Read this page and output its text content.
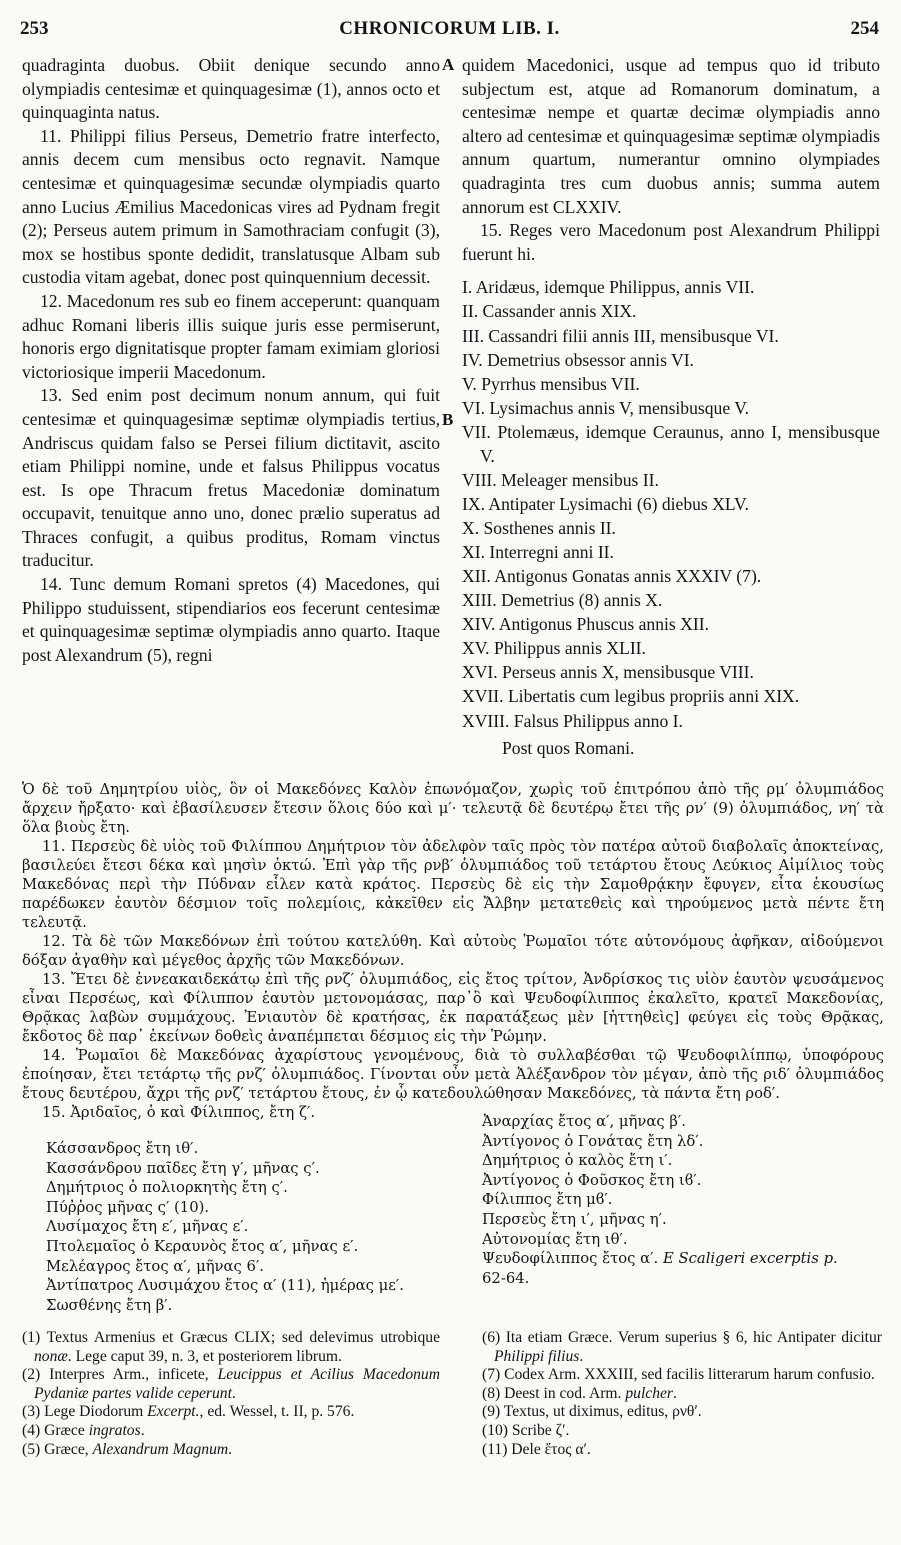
253	CHRONICORUM LIB. I.	254

quadraginta duobus. Obiit denique secundo anno olympiadis centesimæ et quinquagesimæ (1), annos octo et quinquaginta natus.

11. Philippi filius Perseus, Demetrio fratre interfecto, annis decem cum mensibus octo regnavit. Namque centesimæ et quinquagesimæ secundæ olympiadis quarto anno Lucius Æmilius Macedonicas vires ad Pydnam fregit (2); Perseus autem primum in Samothraciam confugit (3), mox se hostibus sponte dedidit, translatusque Albam sub custodia vitam agebat, donec post quinquennium decessit.

12. Macedonum res sub eo finem acceperunt: quanquam adhuc Romani liberis illis suique juris esse permiserunt, honoris ergo dignitatisque propter famam eximiam gloriosi victoriosique imperii Macedonum.

13. Sed enim post decimum nonum annum, qui fuit centesimæ et quinquagesimæ septimæ olympiadis tertius, Andriscus quidam falso se Persei filium dictitavit, ascito etiam Philippi nomine, unde et falsus Philippus vocatus est. Is ope Thracum fretus Macedoniæ dominatum occupavit, tenuitque anno uno, donec prælio superatus ad Thraces confugit, a quibus proditus, Romam vinctus traducitur.

14. Tunc demum Romani spretos (4) Macedones, qui Philippo studuissent, stipendiarios eos fecerunt centesimæ et quinquagesimæ septimæ olympiadis anno quarto. Itaque post Alexandrum (5), regni

A
B

quidem Macedonici, usque ad tempus quo id tributo subjectum est, atque ad Romanorum dominatum, a centesimæ nempe et quartæ decimæ olympiadis anno altero ad centesimæ et quinquagesimæ septimæ olympiadis annum quartum, numerantur omnino olympiades quadraginta tres cum duobus annis; summa autem annorum est CLXXIV.

15. Reges vero Macedonum post Alexandrum Philippi fuerunt hi.

I. Aridæus, idemque Philippus, annis VII.
II. Cassander annis XIX.
III. Cassandri filii annis III, mensibusque VI.
IV. Demetrius obsessor annis VI.
V. Pyrrhus mensibus VII.
VI. Lysimachus annis V, mensibusque V.
VII. Ptolemæus, idemque Ceraunus, anno I, mensibusque V.
VIII. Meleager mensibus II.
IX. Antipater Lysimachi (6) diebus XLV.
X. Sosthenes annis II.
XI. Interregni anni II.
XII. Antigonus Gonatas annis XXXIV (7).
XIII. Demetrius (8) annis X.
XIV. Antigonus Phuscus annis XII.
XV. Philippus annis XLII.
XVI. Perseus annis X, mensibusque VIII.
XVII. Libertatis cum legibus propriis anni XIX.
XVIII. Falsus Philippus anno I.
Post quos Romani.

Ὁ δὲ τοῦ Δημητρίου υἱὸς, ὃν οἱ Μακεδόνες Καλὸν ἐπωνόμαζον, χωρὶς τοῦ ἐπιτρόπου ἀπὸ τῆς ρμ′ ὀλυμπιάδος ἄρχειν ἤρξατο· καὶ ἐβασίλευσεν ἔτεσιν ὅλοις δύο καὶ μ′· τελευτᾷ δὲ δευτέρῳ ἔτει τῆς ρν′ (9) ὀλυμπιάδος, νη′ τὰ ὅλα βιοὺς ἔτη.

11. Περσεὺς δὲ υἱὸς τοῦ Φιλίππου Δημήτριον τὸν ἀδελφὸν ταῖς πρὸς τὸν πατέρα αὐτοῦ διαβολαῖς ἀποκτείνας, βασιλεύει ἔτεσι δέκα καὶ μησὶν ὀκτώ. Ἐπὶ γὰρ τῆς ρνβ′ ὀλυμπιάδος τοῦ τετάρτου ἔτους Λεύκιος Αἰμίλιος τοὺς Μακεδόνας περὶ τὴν Πύδναν εἷλεν κατὰ κράτος. Περσεὺς δὲ εἰς τὴν Σαμοθρᾴκην ἔφυγεν, εἶτα ἑκουσίως παρέδωκεν ἑαυτὸν δέσμιον τοῖς πολεμίοις, κἀκεῖθεν εἰς Ἄλβην μετατεθεὶς καὶ τηρούμενος μετὰ πέντε ἔτη τελευτᾷ.

12. Τὰ δὲ τῶν Μακεδόνων ἐπὶ τούτου κατελύθη. Καὶ αὐτοὺς Ῥωμαῖοι τότε αὐτονόμους ἀφῆκαν, αἰδούμενοι δόξαν ἀγαθὴν καὶ μέγεθος ἀρχῆς τῶν Μακεδόνων.

13. Ἔτει δὲ ἐννεακαιδεκάτῳ ἐπὶ τῆς ρνζ′ ὀλυμπιάδος, εἰς ἔτος τρίτον, Ἀνδρίσκος τις υἱὸν ἑαυτὸν ψευσάμενος εἶναι Περσέως, καὶ Φίλιππον ἑαυτὸν μετονομάσας, παρ᾽ὃ καὶ Ψευδοφίλιππος ἐκαλεῖτο, κρατεῖ Μακεδονίας, Θρᾷκας λαβὼν συμμάχους. Ἐνιαυτὸν δὲ κρατήσας, ἐκ παρατάξεως μὲν [ἡττηθεὶς] φεύγει εἰς τοὺς Θρᾷκας, ἔκδοτος δὲ παρ᾽ ἐκείνων δοθεὶς ἀναπέμπεται δέσμιος εἰς τὴν Ῥώμην.

14. Ῥωμαῖοι δὲ Μακεδόνας ἀχαρίστους γενομένους, διὰ τὸ συλλαβέσθαι τῷ Ψευδοφιλίππῳ, ὑποφόρους ἐποίησαν, ἔτει τετάρτῳ τῆς ρνζ′ ὀλυμπιάδος. Γίνονται οὖν μετὰ Ἀλέξανδρον τὸν μέγαν, ἀπὸ τῆς ριδ′ ὀλυμπιάδος ἔτους δευτέρου, ἄχρι τῆς ρνζ′ τετάρτου ἔτους, ἐν ᾧ κατεδουλώθησαν Μακεδόνες, τὰ πάντα ἔτη ροδ′.

15. Ἀριδαῖος, ὁ καὶ Φίλιππος, ἔτη ζ′.

Κάσσανδρος ἔτη ιθ′.
Κασσάνδρου παῖδες ἔτη γ′, μῆνας ς′.
Δημήτριος ὁ πολιορκητὴς ἔτη ς′.
Πύῤῥος μῆνας ς′ (10).
Λυσίμαχος ἔτη ε′, μῆνας ε′.
Πτολεμαῖος ὁ Κεραυνὸς ἔτος α′, μῆνας ε′.
Μελέαγρος ἔτος α′, μῆνας 6′.
Ἀντίπατρος Λυσιμάχου ἔτος α′ (11), ἡμέρας με′.
Σωσθένης ἔτη β′.
Ἀναρχίας ἔτος α′, μῆνας β′.
Ἀντίγονος ὁ Γονάτας ἔτη λδ′.
Δημήτριος ὁ καλὸς ἔτη ι′.
Ἀντίγονος ὁ Φοῦσκος ἔτη ιϐ′.
Φίλιππος ἔτη μϐ′.
Περσεὺς ἔτη ι′, μῆνας η′.
Αὐτονομίας ἔτη ιθ′.
Ψευδοφίλιππος ἔτος α′. E Scaligeri excerptis p.
62-64.
(1) Textus Armenius et Græcus CLIX; sed delevimus utrobique nonæ. Lege caput 39, n. 3, et posteriorem librum.
(2) Interpres Arm., inficete, Leucippus et Acilius Macedonum Pydaniæ partes valide ceperunt.
(3) Lege Diodorum Excerpt., ed. Wessel, t. II, p. 576.
(4) Græce ingratos.
(5) Græce, Alexandrum Magnum.
(6) Ita etiam Græce. Verum superius § 6, hic Antipater dicitur Philippi filius.
(7) Codex Arm. XXXIII, sed facilis litterarum harum confusio.
(8) Deest in cod. Arm. pulcher.
(9) Textus, ut diximus, editus, ρνθ′.
(10) Scribe ζ′.
(11) Dele ἔτος α′.
